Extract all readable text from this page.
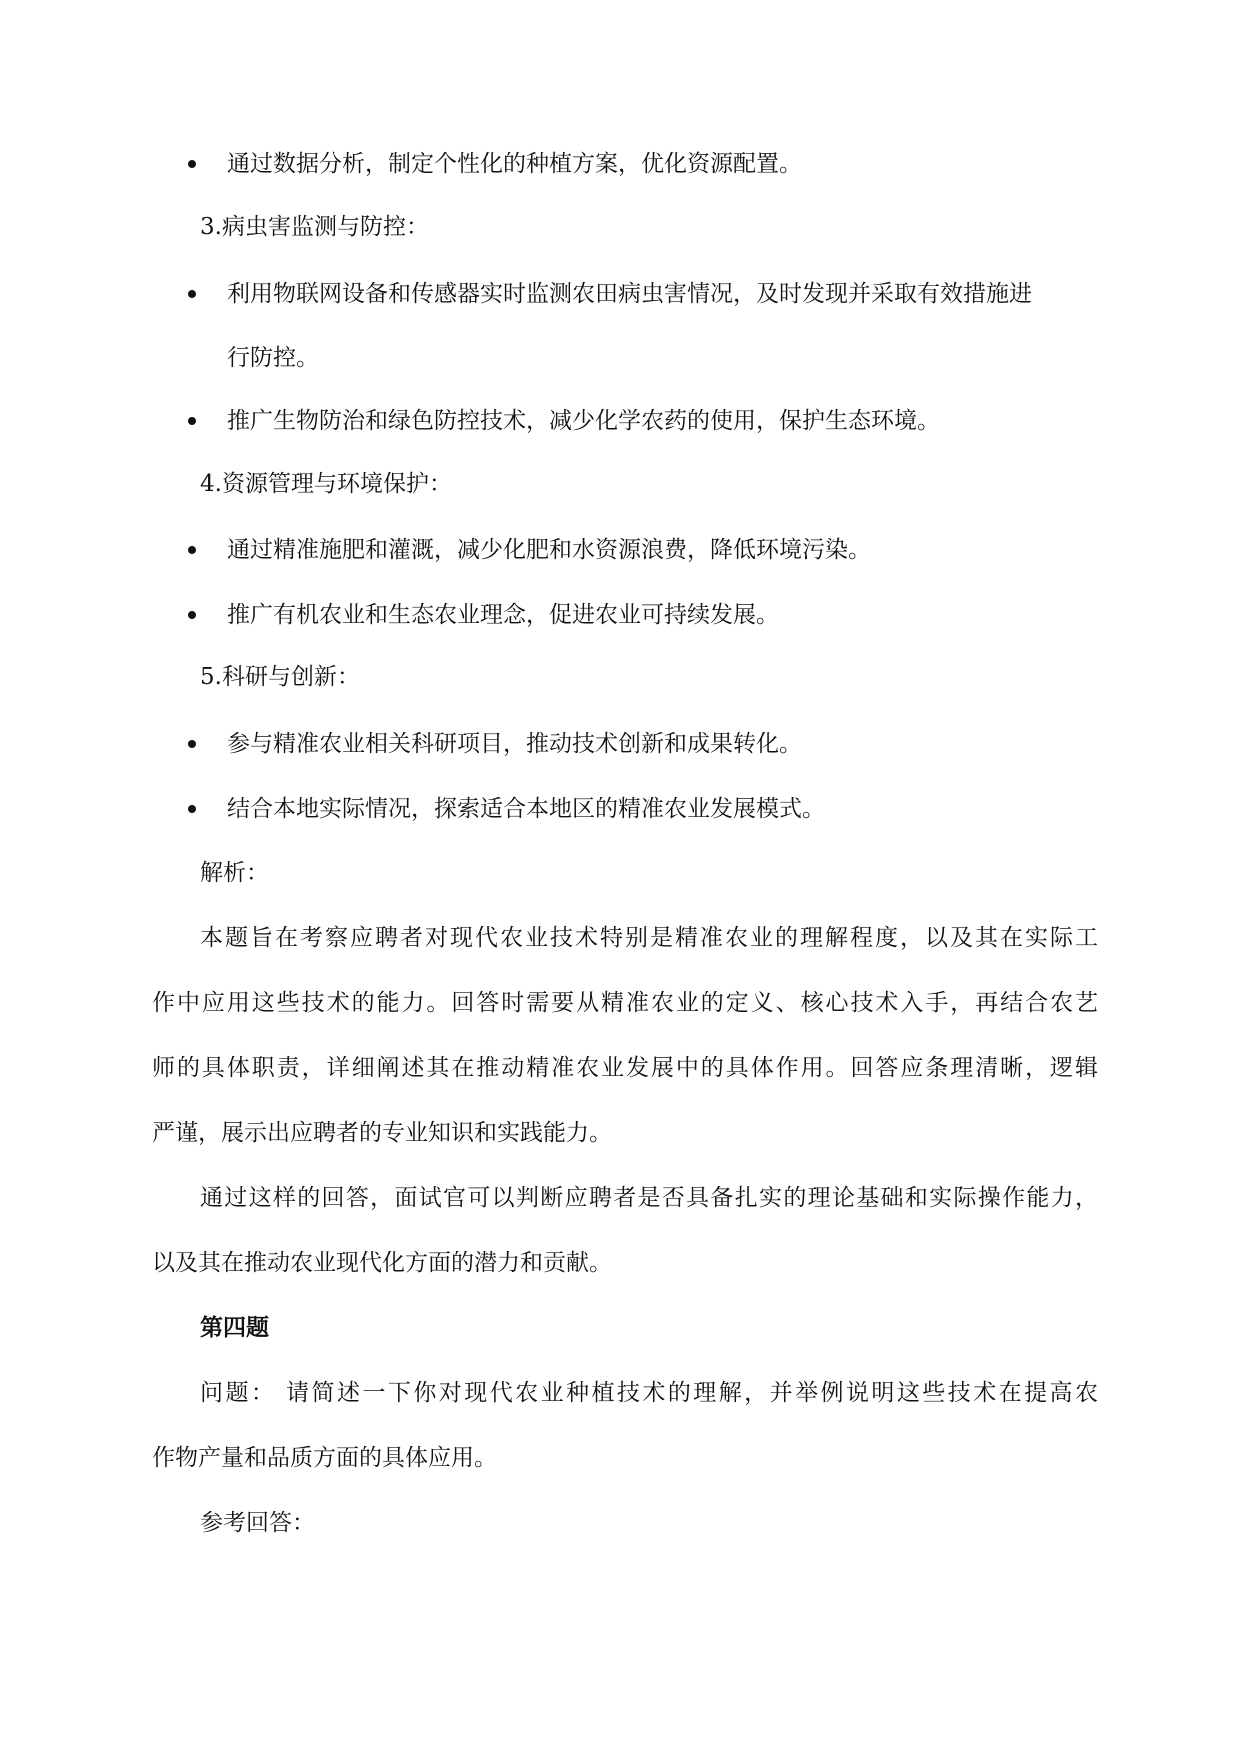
通过数据分析，制定个性化的种植方案，优化资源配置。
3.病虫害监测与防控：
利用物联网设备和传感器实时监测农田病虫害情况，及时发现并采取有效措施进
行防控。
推广生物防治和绿色防控技术，减少化学农药的使用，保护生态环境。
4.资源管理与环境保护：
通过精准施肥和灌溉，减少化肥和水资源浪费，降低环境污染。
推广有机农业和生态农业理念，促进农业可持续发展。
5.科研与创新：
参与精准农业相关科研项目，推动技术创新和成果转化。
结合本地实际情况，探索适合本地区的精准农业发展模式。
解析：
本题旨在考察应聘者对现代农业技术特别是精准农业的理解程度，以及其在实际工
作中应用这些技术的能力。回答时需要从精准农业的定义、核心技术入手，再结合农艺
师的具体职责，详细阐述其在推动精准农业发展中的具体作用。回答应条理清晰，逻辑
严谨，展示出应聘者的专业知识和实践能力。
通过这样的回答，面试官可以判断应聘者是否具备扎实的理论基础和实际操作能力，
以及其在推动农业现代化方面的潜力和贡献。
第四题
问题： 请简述一下你对现代农业种植技术的理解，并举例说明这些技术在提高农
作物产量和品质方面的具体应用。
参考回答：
